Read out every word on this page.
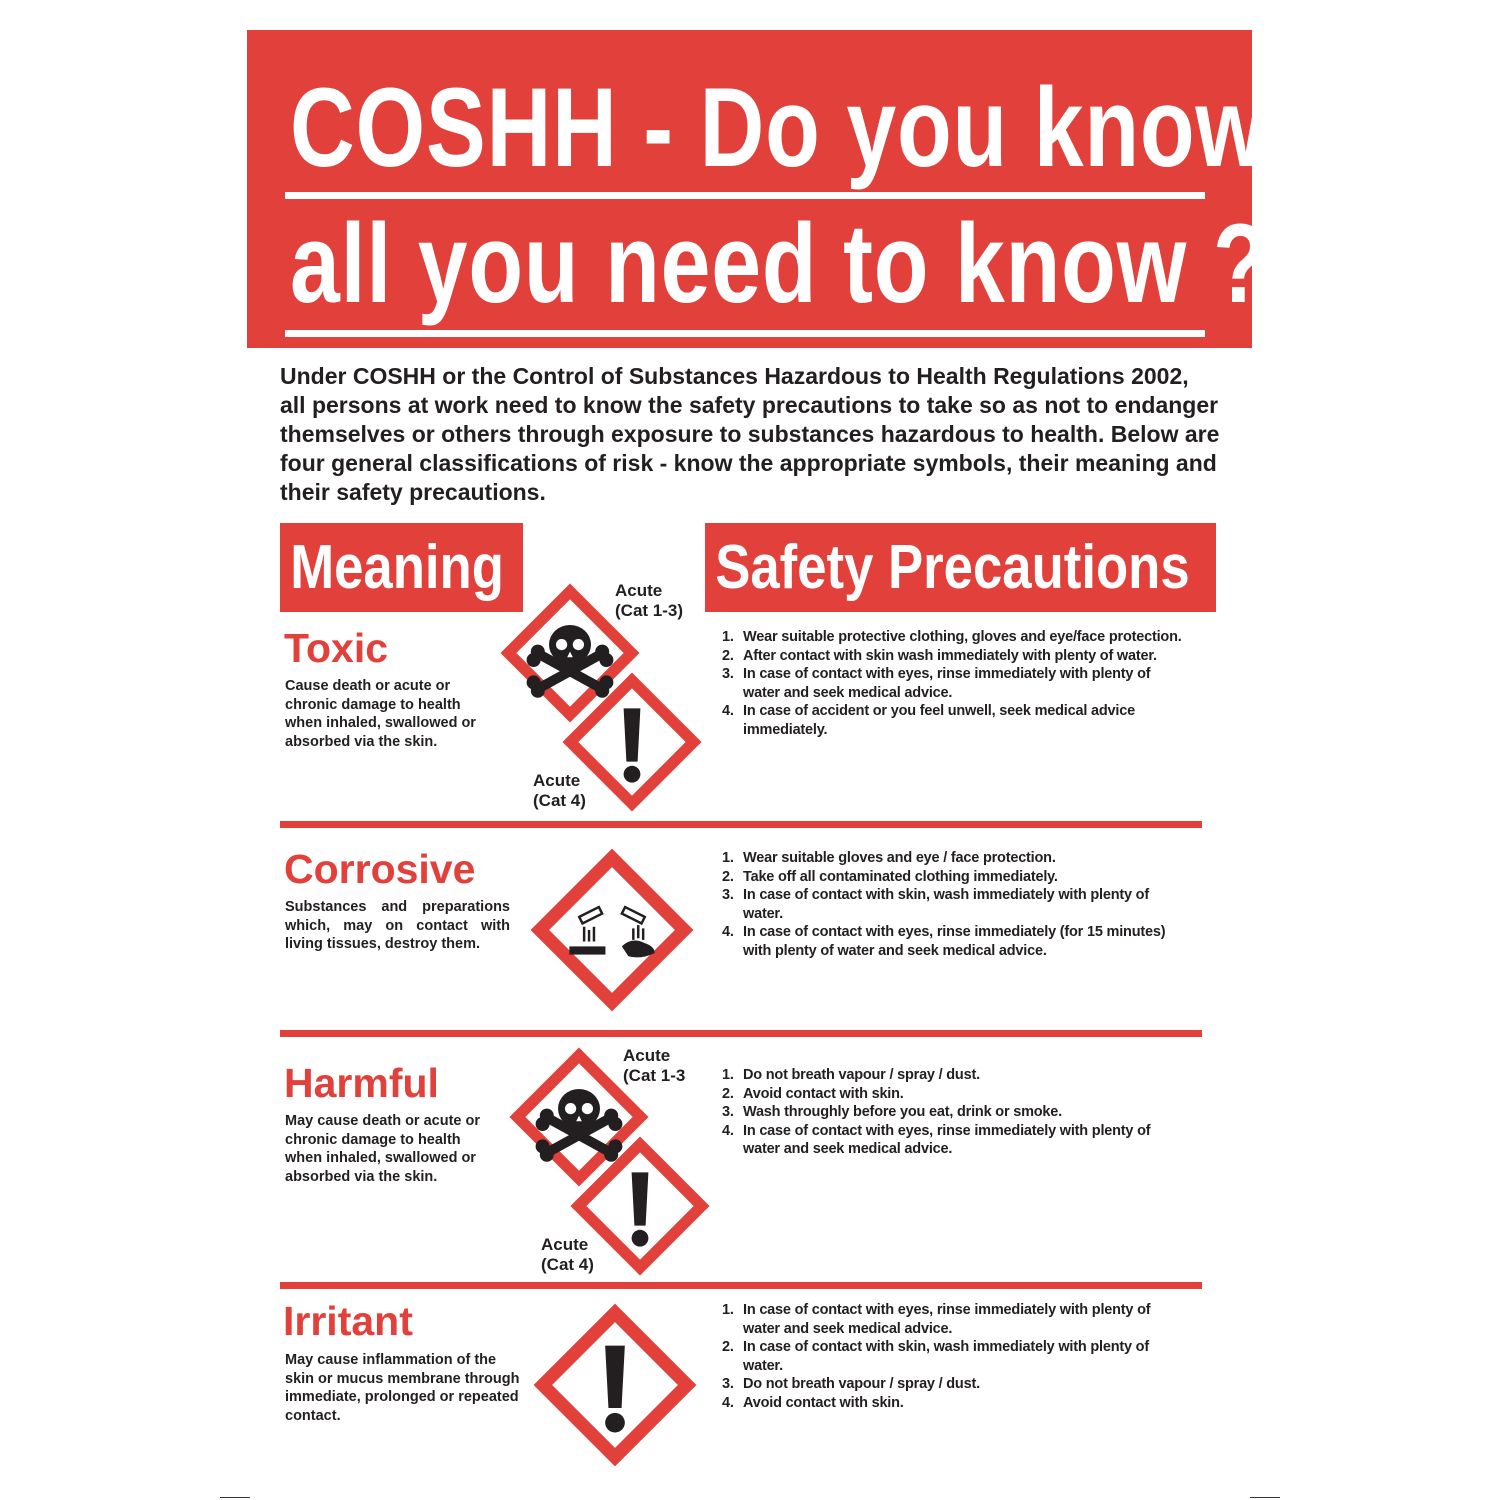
COSHH - Do you know
all you need to know ?
Under COSHH or the Control of Substances Hazardous to Health Regulations 2002, all persons at work need to know the safety precautions to take so as not to endanger themselves or others through exposure to substances hazardous to health. Below are four general classifications of risk - know the appropriate symbols, their meaning and their safety precautions.
Meaning	Safety Precautions
Toxic
Cause death or acute or chronic damage to health when inhaled, swallowed or absorbed via the skin.
Acute
(Cat 1-3)
Acute
(Cat 4)
1. Wear suitable protective clothing, gloves and eye/face protection.
2. After contact with skin wash immediately with plenty of water.
3. In case of contact with eyes, rinse immediately with plenty of water and seek medical advice.
4. In case of accident or you feel unwell, seek medical advice immediately.
Corrosive
Substances and preparations which, may on contact with living tissues, destroy them.
1. Wear suitable gloves and eye / face protection.
2. Take off all contaminated clothing immediately.
3. In case of contact with skin, wash immediately with plenty of water.
4. In case of contact with eyes, rinse immediately (for 15 minutes) with plenty of water and seek medical advice.
Harmful
May cause death or acute or chronic damage to health when inhaled, swallowed or absorbed via the skin.
Acute
(Cat 1-3
Acute
(Cat 4)
1. Do not breath vapour / spray / dust.
2. Avoid contact with skin.
3. Wash throughly before you eat, drink or smoke.
4. In case of contact with eyes, rinse immediately with plenty of water and seek medical advice.
Irritant
May cause inflammation of the skin or mucus membrane through immediate, prolonged or repeated contact.
1. In case of contact with eyes, rinse immediately with plenty of water and seek medical advice.
2. In case of contact with skin, wash immediately with plenty of water.
3. Do not breath vapour / spray / dust.
4. Avoid contact with skin.
